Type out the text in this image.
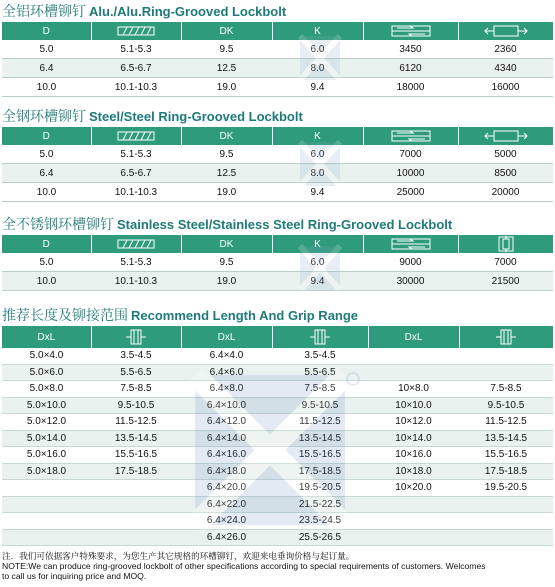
全铝环槽铆钉 Alu./Alu.Ring-Grooved Lockbolt
D		DK	K		
5.0	5.1-5.3	9.5	6.0	3450	2360
6.4	6.5-6.7	12.5	8.0	6120	4340
10.0	10.1-10.3	19.0	9.4	18000	16000
全钢环槽铆钉 Steel/Steel Ring-Grooved Lockbolt
D		DK	K		
5.0	5.1-5.3	9.5	6.0	7000	5000
6.4	6.5-6.7	12.5	8.0	10000	8500
10.0	10.1-10.3	19.0	9.4	25000	20000
全不锈钢环槽铆钉 Stainless Steel/Stainless Steel Ring-Grooved Lockbolt
D		DK	K		
5.0	5.1-5.3	9.5	6.0	9000	7000
10.0	10.1-10.3	19.0	9.4	30000	21500
推荐长度及铆接范围 Recommend Length And Grip Range
DxL		DxL		DxL	
5.0×4.0	3.5-4.5	6.4×4.0	3.5-4.5		
5.0×6.0	5.5-6.5	6.4×6.0	5.5-6.5		
5.0×8.0	7.5-8.5	6.4×8.0	7.5-8.5	10×8.0	7.5-8.5
5.0×10.0	9.5-10.5	6.4×10.0	9.5-10.5	10×10.0	9.5-10.5
5.0×12.0	11.5-12.5	6.4×12.0	11.5-12.5	10×12.0	11.5-12.5
5.0×14.0	13.5-14.5	6.4×14.0	13.5-14.5	10×14.0	13.5-14.5
5.0×16.0	15.5-16.5	6.4×16.0	15.5-16.5	10×16.0	15.5-16.5
5.0×18.0	17.5-18.5	6.4×18.0	17.5-18.5	10×18.0	17.5-18.5
		6.4×20.0	19.5-20.5	10×20.0	19.5-20.5
		6.4×22.0	21.5-22.5		
		6.4×24.0	23.5-24.5		
		6.4×26.0	25.5-26.5		
注．我们可依据客户特殊要求，为您生产其它规格的环槽铆钉，欢迎来电垂询价格与起订量。
NOTE:We can produce ring-grooved lockbolt of other specifications according to special requirements of customers. Welcomes
to call us for inquiring price and MOQ.
